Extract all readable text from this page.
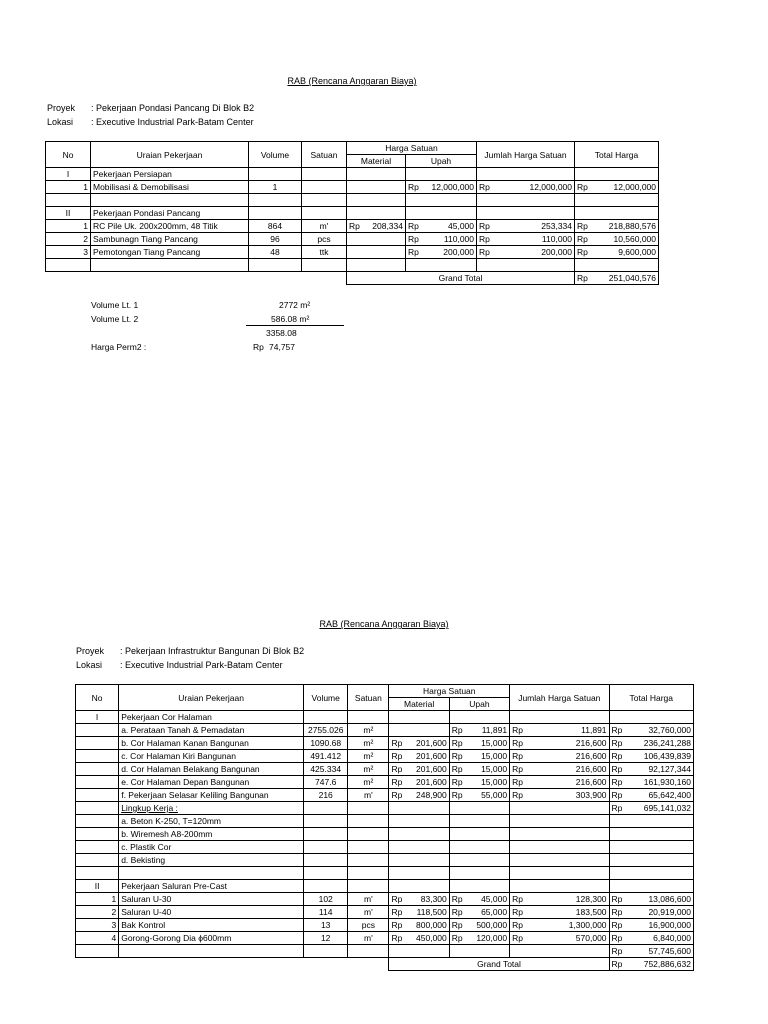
RAB (Rencana Anggaran Biaya)
Proyek : Pekerjaan Pondasi Pancang Di Blok B2
Lokasi : Executive Industrial Park-Batam Center
No	Uraian Pekerjaan	Volume	Satuan	Harga Satuan		Jumlah Harga Satuan	Total Harga
				Material	Upah		
I	Pekerjaan Persiapan						
1	Mobilisasi & Demobilisasi	1			Rp 12,000,000	Rp 12,000,000	Rp 12,000,000

II	Pekerjaan Pondasi Pancang						
1	RC Pile Uk. 200x200mm, 48 Titik	864	m'	Rp 208,334	Rp 45,000	Rp 253,334	Rp 218,880,576

2	Sambunagn Tiang Pancang	96	pcs		Rp 110,000	Rp 110,000	Rp 10,560,000

3	Pemotongan Tiang Pancang	48	ttk		Rp 200,000	Rp 200,000	Rp 9,600,000

				Grand Total			Rp 251,040,576
Volume Lt. 1	2772 m²
Volume Lt. 2	586.08 m²
3358.08
Harga Perm2 :	Rp 74,757
RAB (Rencana Anggaran Biaya)
Proyek : Pekerjaan Infrastruktur Bangunan Di Blok B2
Lokasi : Executive Industrial Park-Batam Center
No	Uraian Pekerjaan	Volume	Satuan	Harga Satuan		Jumlah Harga Satuan	Total Harga
				Material	Upah		
I	Pekerjaan Cor Halaman						
	a. Perataan Tanah & Pemadatan	2755.026	m²		Rp 11,891	Rp 11,891	Rp 32,760,000

	b. Cor Halaman Kanan Bangunan	1090.68	m²	Rp 201,600	Rp 15,000	Rp 216,600	Rp 236,241,288

	c. Cor Halaman Kiri Bangunan	491.412	m²	Rp 201,600	Rp 15,000	Rp 216,600	Rp 106,439,839

	d. Cor Halaman Belakang Bangunan	425.334	m²	Rp 201,600	Rp 15,000	Rp 216,600	Rp 92,127,344

	e. Cor Halaman Depan Bangunan	747.6	m²	Rp 201,600	Rp 15,000	Rp 216,600	Rp 161,930,160

	f. Pekerjaan Selasar Keliling Bangunan	216	m'	Rp 248,900	Rp 55,000	Rp 303,900	Rp 65,642,400

	Lingkup Kerja :						Rp 695,141,032

	a. Beton K-250, T=120mm						
	b. Wiremesh A8-200mm						
	c. Plastik Cor						
	d. Bekisting						

II	Pekerjaan Saluran Pre-Cast						
1	Saluran U-30	102	m'	Rp 83,300	Rp 45,000	Rp 128,300	Rp 13,086,600

2	Saluran U-40	114	m'	Rp 118,500	Rp 65,000	Rp 183,500	Rp 20,919,000

3	Bak Kontrol	13	pcs	Rp 800,000	Rp 500,000	Rp 1,300,000	Rp 16,900,000

4	Gorong-Gorong Dia ϕ600mm	12	m'	Rp 450,000	Rp 120,000	Rp 570,000	Rp 6,840,000

							Rp 57,745,600

				Grand Total			Rp 752,886,632
